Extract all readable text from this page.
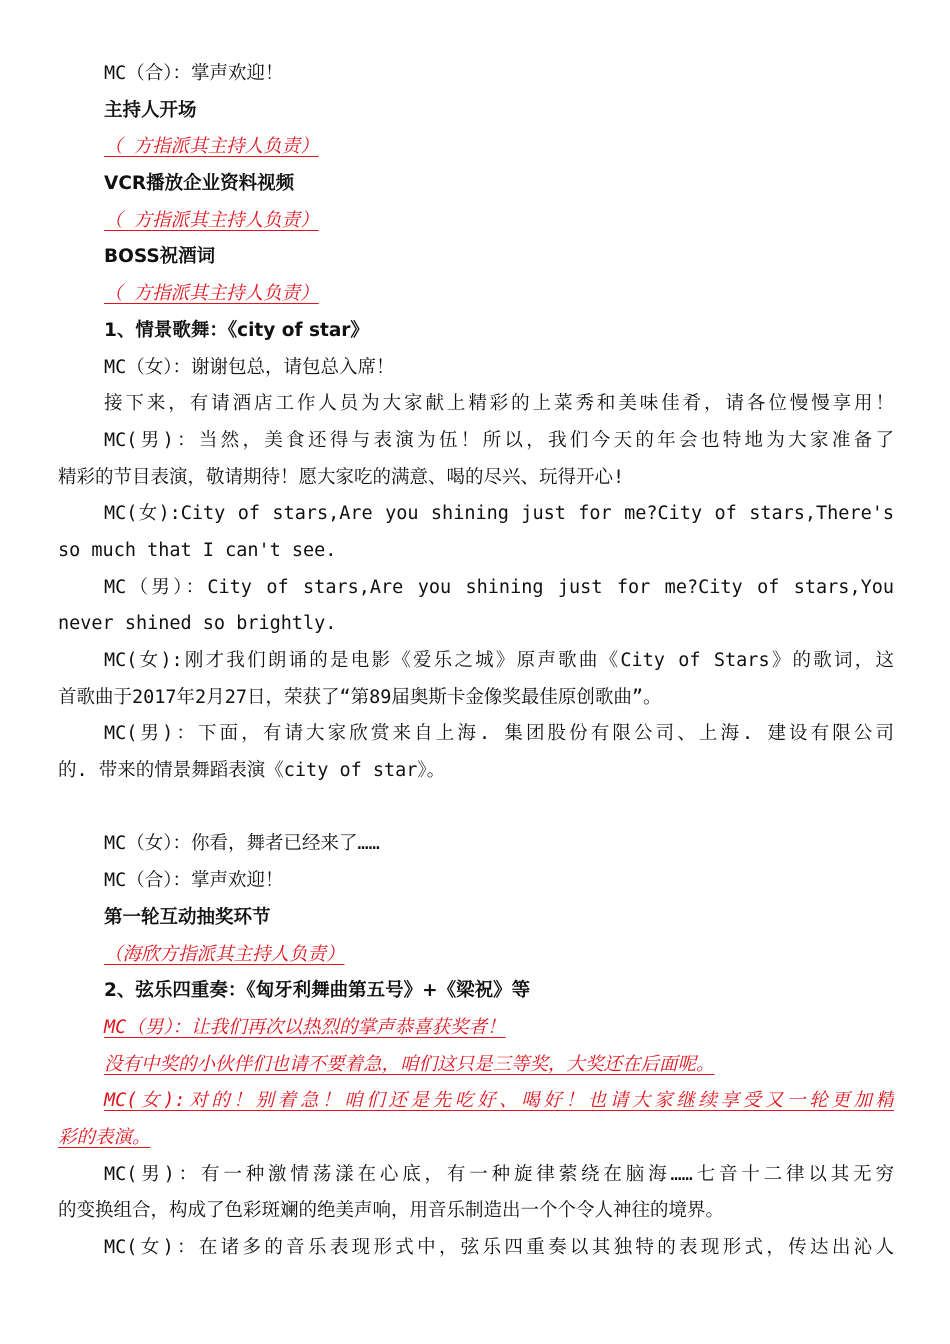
MC（合）：掌声欢迎！
主持人开场
（ 方指派其主持人负责）
VCR播放企业资料视频
（ 方指派其主持人负责）
BOSS祝酒词
（ 方指派其主持人负责）
1、情景歌舞：《city of star》
MC（女）：谢谢包总，请包总入席！
接下来，有请酒店工作人员为大家献上精彩的上菜秀和美味佳肴，请各位慢慢享用！
MC(男)：当然，美食还得与表演为伍！所以，我们今天的年会也特地为大家准备了
精彩的节目表演，敬请期待！愿大家吃的满意、喝的尽兴、玩得开心!
MC(女):City of stars,Are you shining just for me?City of stars,There's
so much that I can't see.
MC（男）：City of stars,Are you shining just for me?City of stars,You
never shined so brightly.
MC(女):刚才我们朗诵的是电影《爱乐之城》原声歌曲《City of Stars》的歌词，这
首歌曲于2017年2月27日，荣获了“第89届奥斯卡金像奖最佳原创歌曲”。
MC(男)：下面，有请大家欣赏来自上海. 集团股份有限公司、上海. 建设有限公司
的. 带来的情景舞蹈表演《city of star》。
MC（女）：你看，舞者已经来了……
MC（合）：掌声欢迎！
第一轮互动抽奖环节
（海欣方指派其主持人负责）
2、弦乐四重奏：《匈牙利舞曲第五号》+《梁祝》等
MC（男）：让我们再次以热烈的掌声恭喜获奖者！
没有中奖的小伙伴们也请不要着急，咱们这只是三等奖，大奖还在后面呢。
MC(女):对的！别着急！咱们还是先吃好、喝好！也请大家继续享受又一轮更加精
彩的表演。
MC(男)：有一种激情荡漾在心底，有一种旋律萦绕在脑海……七音十二律以其无穷
的变换组合，构成了色彩斑斓的绝美声响，用音乐制造出一个个令人神往的境界。
MC(女)：在诸多的音乐表现形式中，弦乐四重奏以其独特的表现形式，传达出沁人
